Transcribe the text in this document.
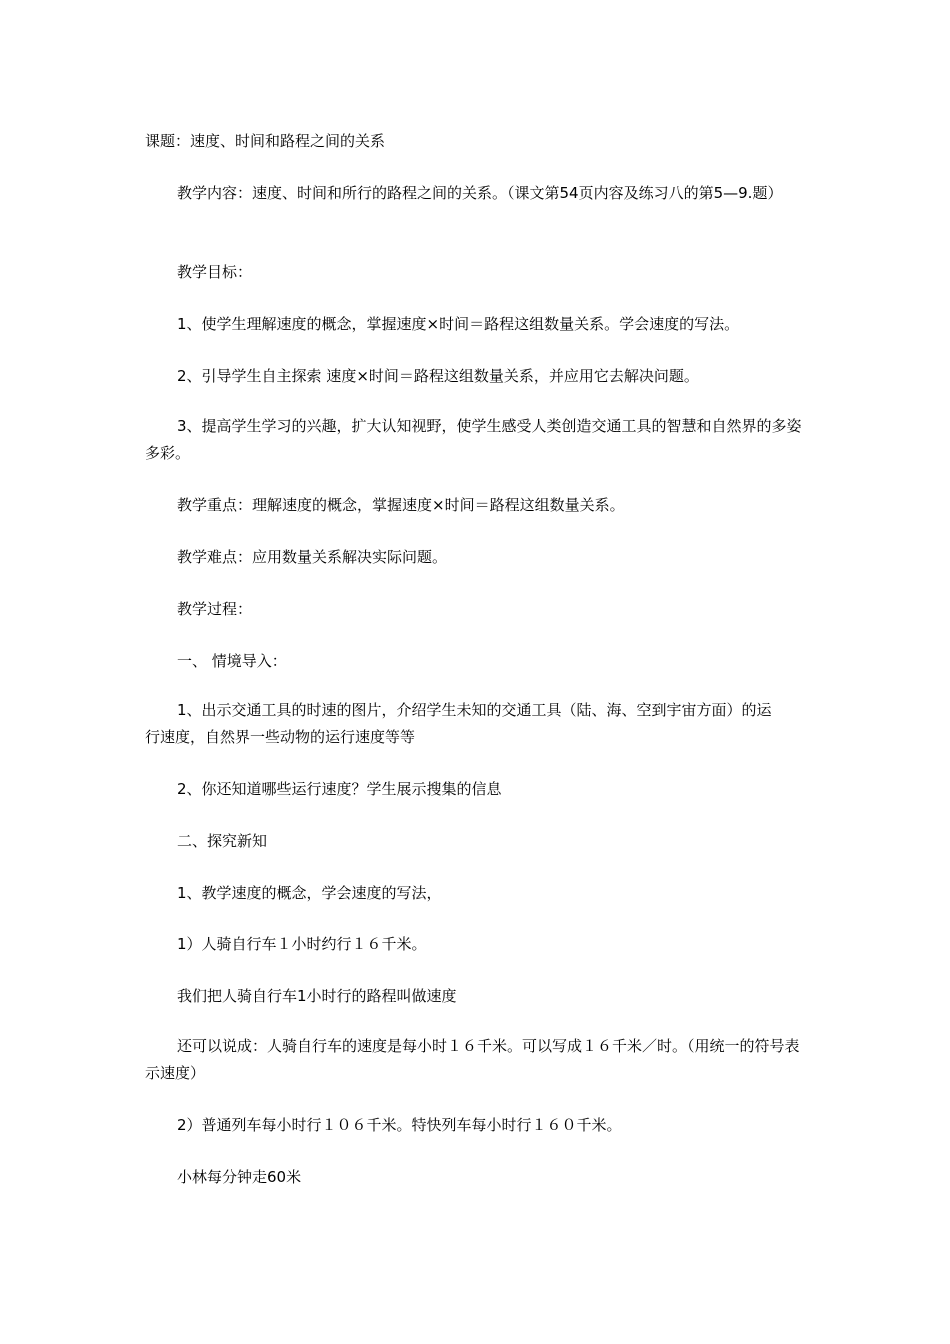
课题：速度、时间和路程之间的关系
教学内容：速度、时间和所行的路程之间的关系。（课文第54页内容及练习八的第5—9.题）
教学目标：
1、使学生理解速度的概念，掌握速度×时间＝路程这组数量关系。学会速度的写法。
2、引导学生自主探索 速度×时间＝路程这组数量关系，并应用它去解决问题。
3、提高学生学习的兴趣，扩大认知视野，使学生感受人类创造交通工具的智慧和自然界的多姿多彩。
教学重点：理解速度的概念，掌握速度×时间＝路程这组数量关系。
教学难点：应用数量关系解决实际问题。
教学过程：
一、 情境导入：
1、出示交通工具的时速的图片，介绍学生未知的交通工具（陆、海、空到宇宙方面）的运行速度，自然界一些动物的运行速度等等
2、你还知道哪些运行速度？学生展示搜集的信息
二、探究新知
1、教学速度的概念，学会速度的写法，
1）人骑自行车１小时约行１６千米。
我们把人骑自行车1小时行的路程叫做速度
还可以说成：人骑自行车的速度是每小时１６千米。可以写成１６千米／时。（用统一的符号表示速度）
2）普通列车每小时行１０６千米。特快列车每小时行１６０千米。
小林每分钟走60米
